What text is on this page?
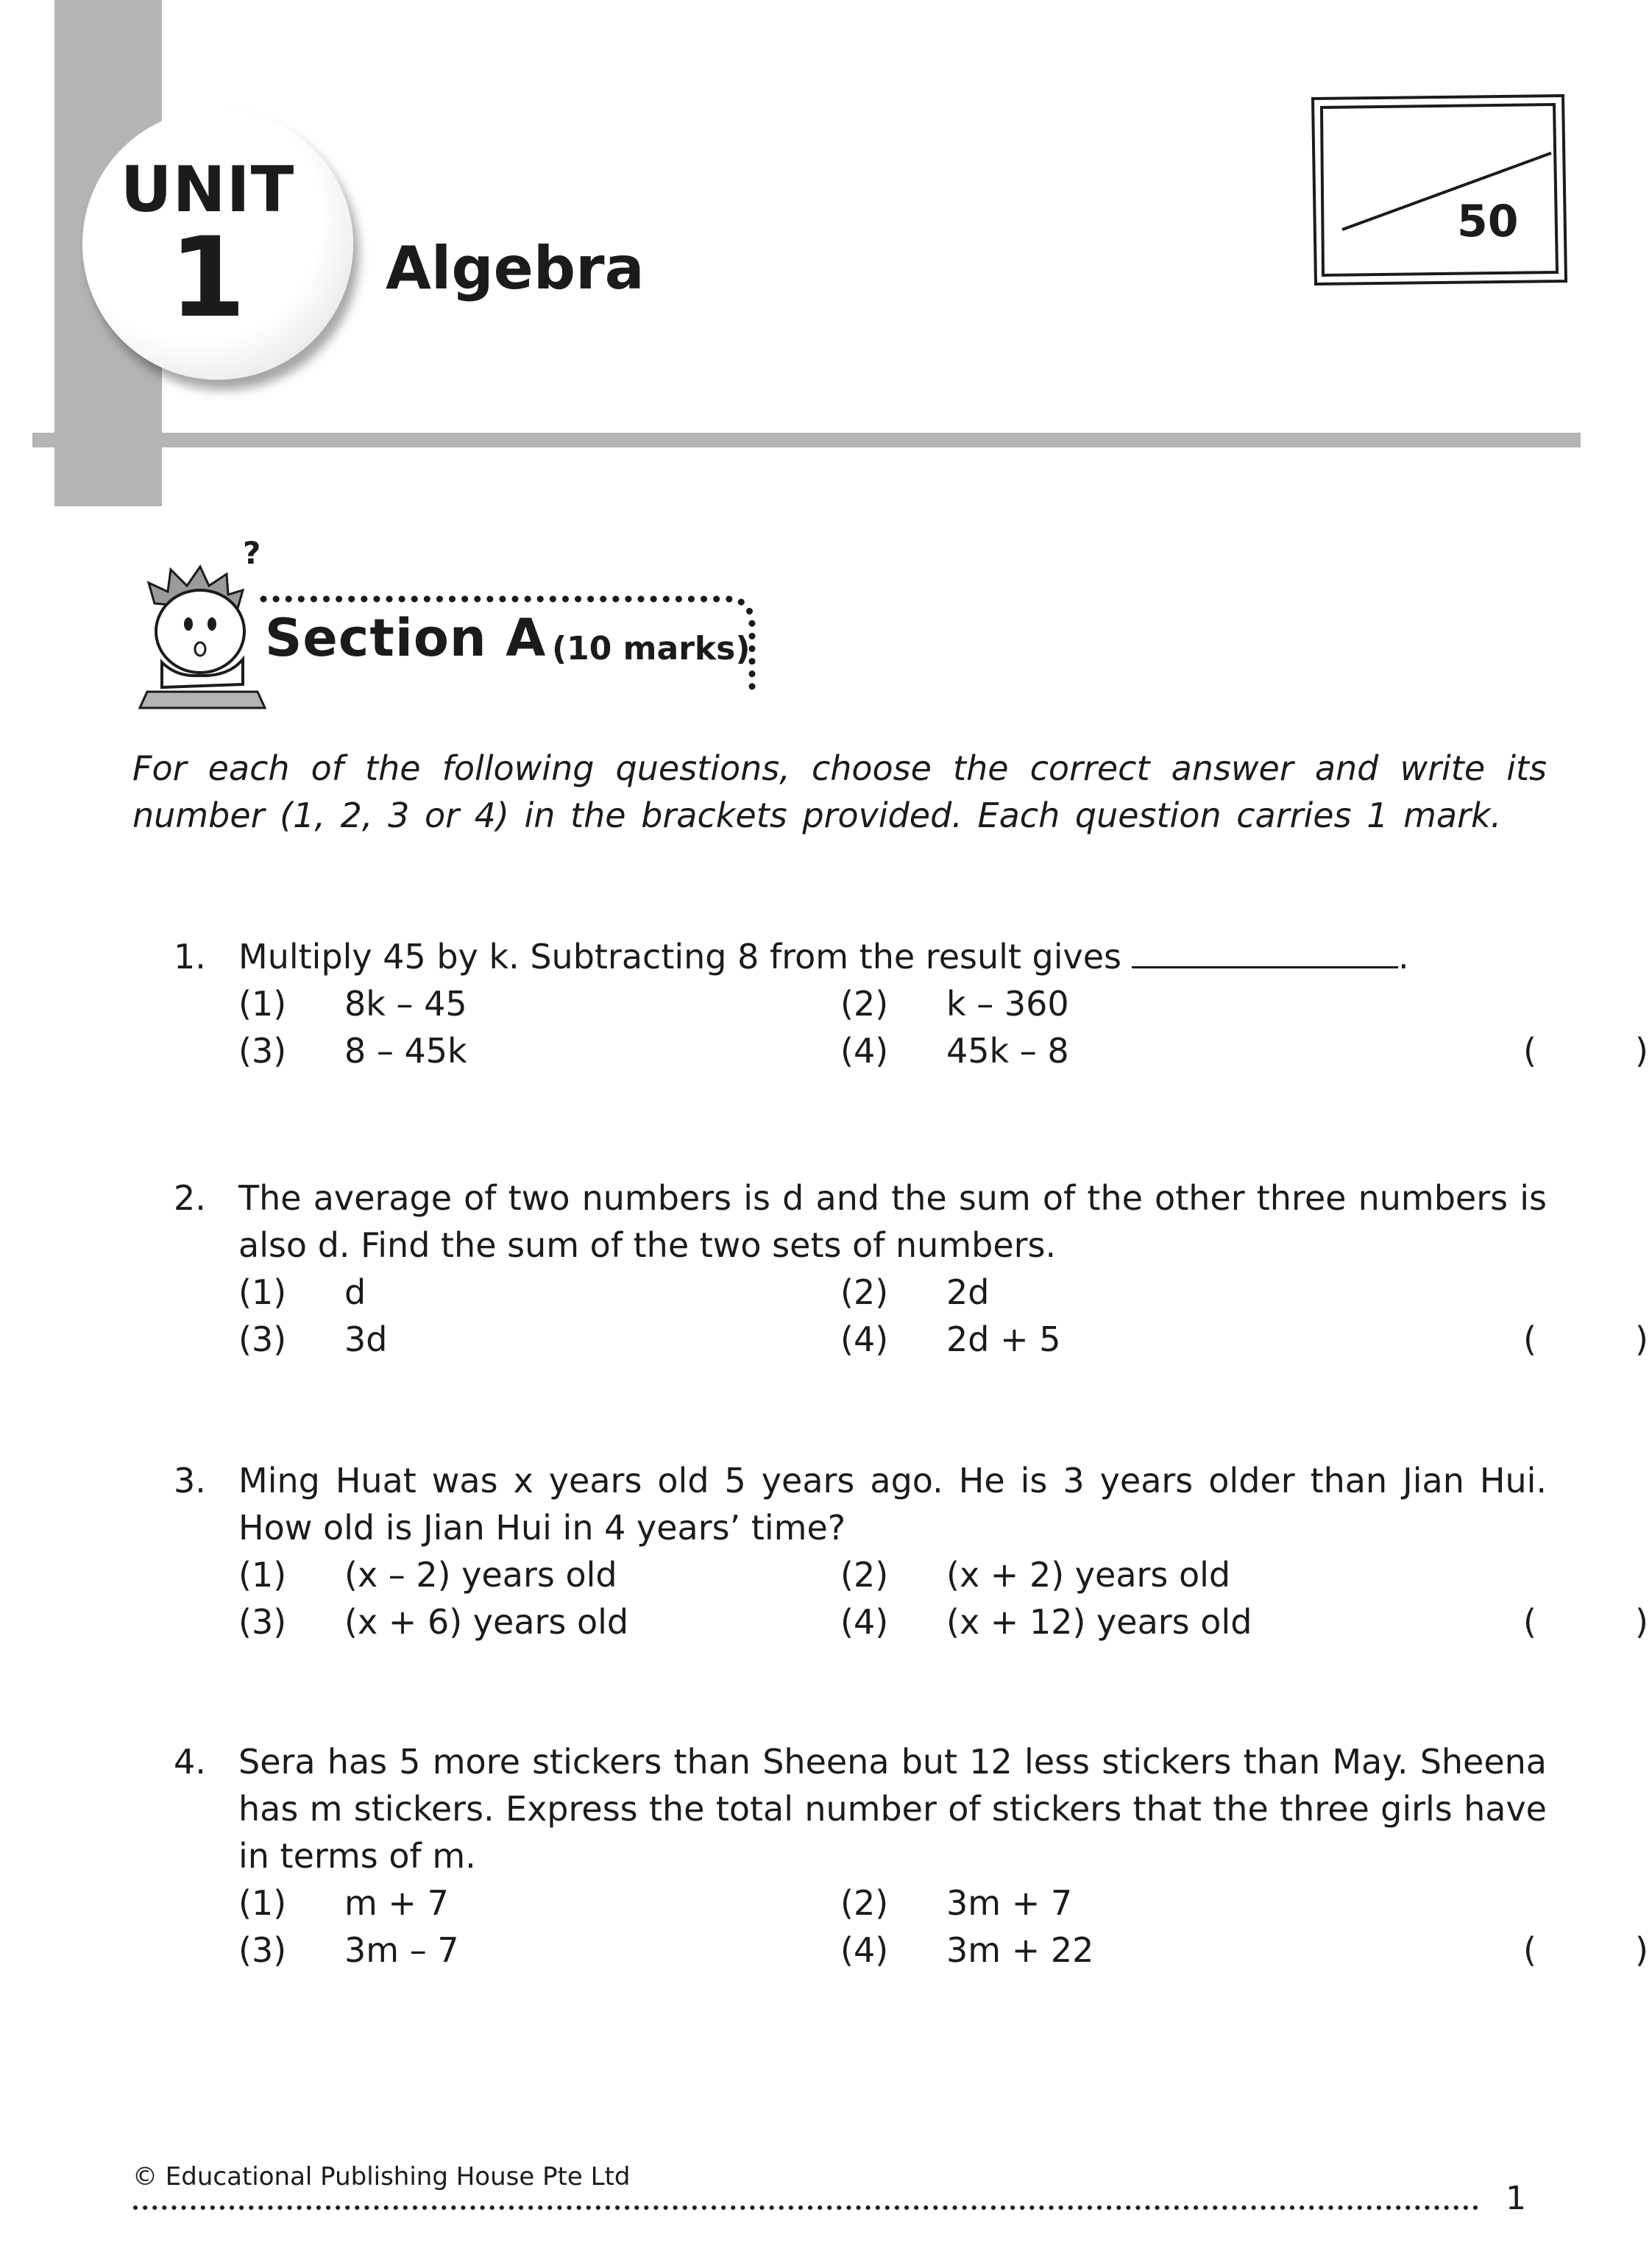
UNIT
1	Algebra
50
?
Section A (10 marks)
For each of the following questions, choose the correct answer and write its number (1, 2, 3 or 4) in the brackets provided. Each question carries 1 mark.
1. Multiply 45 by k. Subtracting 8 from the result gives	.
(1) 8k – 45	(2) k – 360
(3) 8 – 45k	(4) 45k – 8	(	)
2. The average of two numbers is d and the sum of the other three numbers is also d. Find the sum of the two sets of numbers.
(1) d	(2) 2d
(3) 3d	(4) 2d + 5	(	)
3. Ming Huat was x years old 5 years ago. He is 3 years older than Jian Hui. How old is Jian Hui in 4 years’ time?
(1) (x – 2) years old	(2) (x + 2) years old
(3) (x + 6) years old	(4) (x + 12) years old	(	)
4. Sera has 5 more stickers than Sheena but 12 less stickers than May. Sheena has m stickers. Express the total number of stickers that the three girls have in terms of m.
(1) m + 7	(2) 3m + 7
(3) 3m – 7	(4) 3m + 22	(	)
© Educational Publishing House Pte Ltd
1
